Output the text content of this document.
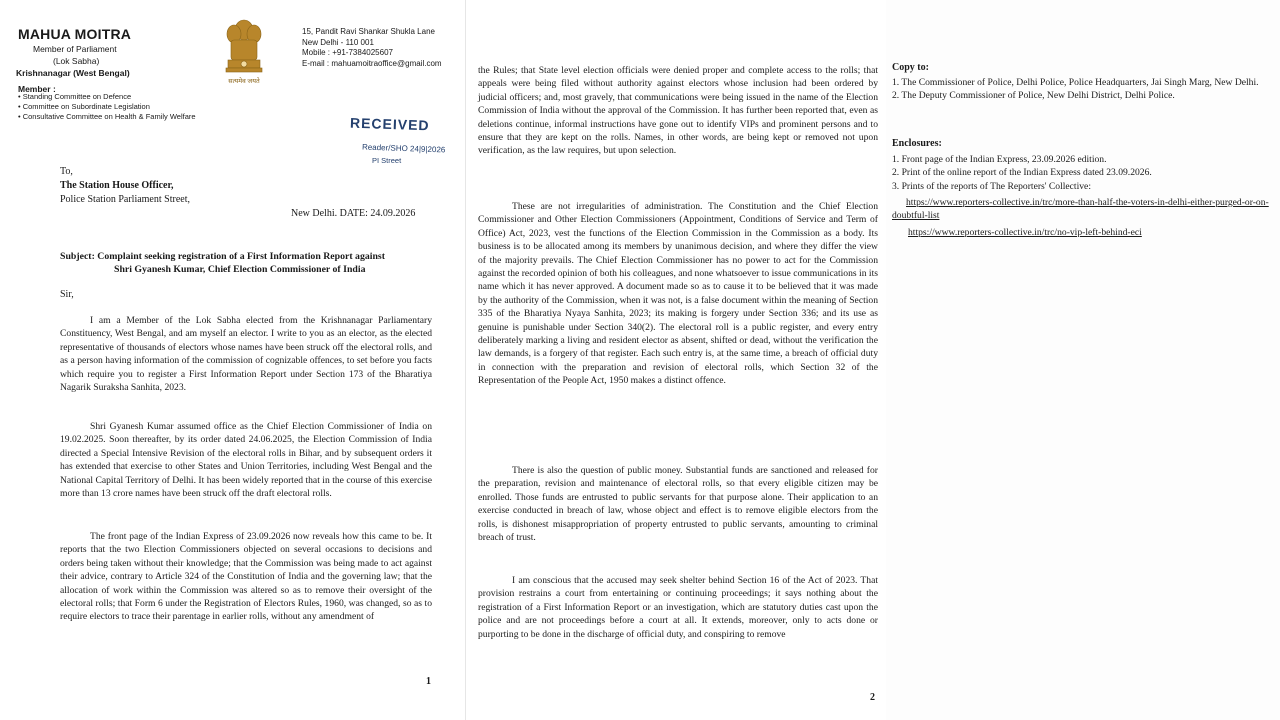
MAHUA MOITRA
Member of Parliament
(Lok Sabha)
Krishnanagar (West Bengal)
Member :
• Standing Committee on Defence
• Committee on Subordinate Legislation
• Consultative Committee on Health & Family Welfare
सत्यमेव जयते
15, Pandit Ravi Shankar Shukla Lane
New Delhi - 110 001
Mobile : +91-7384025607
E-mail : mahuamoitraoffice@gmail.com
RECEIVED
Reader/SHO 24|9|2026
PI Street
To,
The Station House Officer,
Police Station Parliament Street,
New Delhi. DATE: 24.09.2026
Subject: Complaint seeking registration of a First Information Report against
Shri Gyanesh Kumar, Chief Election Commissioner of India
Sir,
I am a Member of the Lok Sabha elected from the Krishnanagar Parliamentary Constituency, West Bengal, and am myself an elector. I write to you as an elector, as the elected representative of thousands of electors whose names have been struck off the electoral rolls, and as a person having information of the commission of cognizable offences, to set before you facts which require you to register a First Information Report under Section 173 of the Bharatiya Nagarik Suraksha Sanhita, 2023.
Shri Gyanesh Kumar assumed office as the Chief Election Commissioner of India on 19.02.2025. Soon thereafter, by its order dated 24.06.2025, the Election Commission of India directed a Special Intensive Revision of the electoral rolls in Bihar, and by subsequent orders it has extended that exercise to other States and Union Territories, including West Bengal and the National Capital Territory of Delhi. It has been widely reported that in the course of this exercise more than 13 crore names have been struck off the draft electoral rolls.
The front page of the Indian Express of 23.09.2026 now reveals how this came to be. It reports that the two Election Commissioners objected on several occasions to decisions and orders being taken without their knowledge; that the Commission was being made to act against their advice, contrary to Article 324 of the Constitution of India and the governing law; that the allocation of work within the Commission was altered so as to remove their oversight of the electoral rolls; that Form 6 under the Registration of Electors Rules, 1960, was changed, so as to require electors to trace their parentage in earlier rolls, without any amendment of
1
the Rules; that State level election officials were denied proper and complete access to the rolls; that appeals were being filed without authority against electors whose inclusion had been ordered by judicial officers; and, most gravely, that communications were being issued in the name of the Election Commission of India without the approval of the Commission. It has further been reported that, even as deletions continue, informal instructions have gone out to identify VIPs and prominent persons and to ensure that they are kept on the rolls. Names, in other words, are being kept or removed not upon verification, as the law requires, but upon selection.
These are not irregularities of administration. The Constitution and the Chief Election Commissioner and Other Election Commissioners (Appointment, Conditions of Service and Term of Office) Act, 2023, vest the functions of the Election Commission in the Commission as a body. Its business is to be allocated among its members by unanimous decision, and where they differ the view of the majority prevails. The Chief Election Commissioner has no power to act for the Commission against the recorded opinion of both his colleagues, and none whatsoever to issue communications in its name which it has never approved. A document made so as to cause it to be believed that it was made by the authority of the Commission, when it was not, is a false document within the meaning of Section 335 of the Bharatiya Nyaya Sanhita, 2023; its making is forgery under Section 336; and its use as genuine is punishable under Section 340(2). The electoral roll is a public register, and every entry deliberately marking a living and resident elector as absent, shifted or dead, without the verification the law demands, is a forgery of that register. Each such entry is, at the same time, a breach of official duty in connection with the preparation and revision of electoral rolls, which Section 32 of the Representation of the People Act, 1950 makes a distinct offence.
There is also the question of public money. Substantial funds are sanctioned and released for the preparation, revision and maintenance of electoral rolls, so that every eligible citizen may be enrolled. Those funds are entrusted to public servants for that purpose alone. Their application to an exercise conducted in breach of law, whose object and effect is to remove eligible electors from the rolls, is dishonest misappropriation of property entrusted to public servants, amounting to criminal breach of trust.
I am conscious that the accused may seek shelter behind Section 16 of the Act of 2023. That provision restrains a court from entertaining or continuing proceedings; it says nothing about the registration of a First Information Report or an investigation, which are statutory duties cast upon the police and are not proceedings before a court at all. It extends, moreover, only to acts done or purporting to be done in the discharge of official duty, and conspiring to remove
2
Copy to:
1. The Commissioner of Police, Delhi Police, Police Headquarters, Jai Singh Marg, New Delhi.
2. The Deputy Commissioner of Police, New Delhi District, Delhi Police.
Enclosures:
1. Front page of the Indian Express, 23.09.2026 edition.
2. Print of the online report of the Indian Express dated 23.09.2026.
3. Prints of the reports of The Reporters' Collective:
https://www.reporters-collective.in/trc/more-than-half-the-voters-in-delhi-either-purged-or-on-doubtful-list
https://www.reporters-collective.in/trc/no-vip-left-behind-eci
